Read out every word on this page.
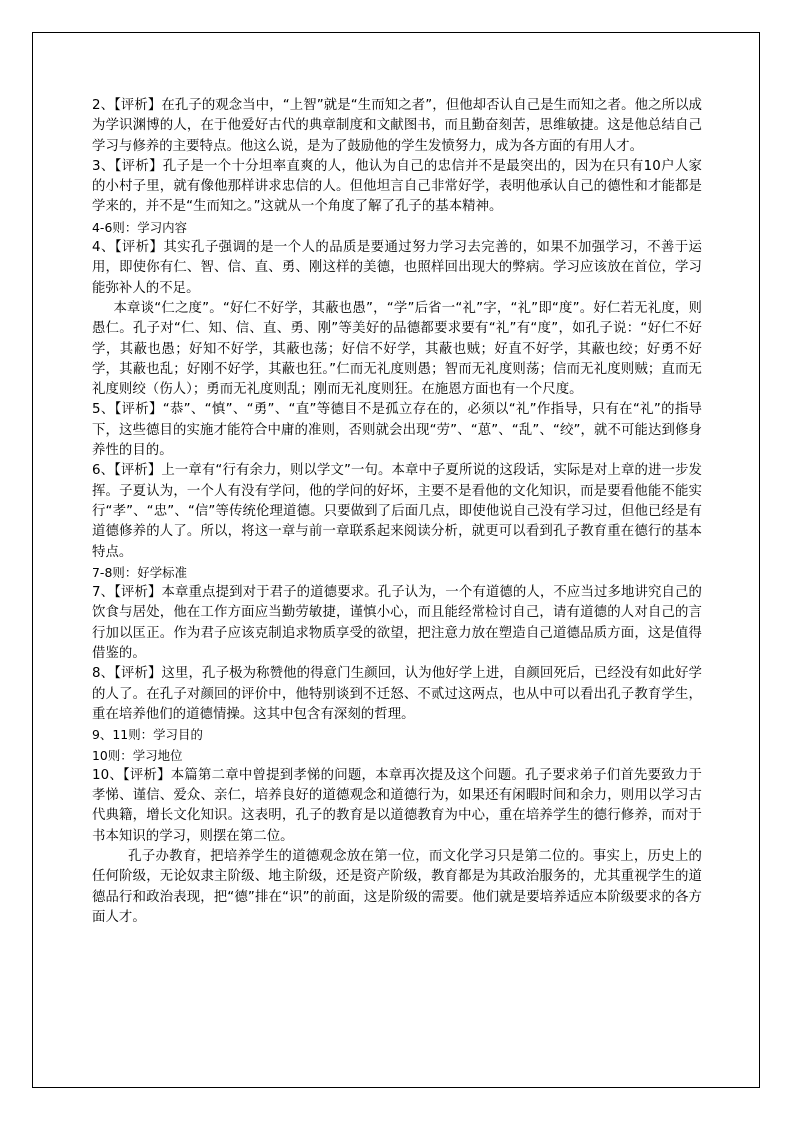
2、【评析】在孔子的观念当中，“上智”就是“生而知之者”，但他却否认自己是生而知之者。他之所以成为学识渊博的人，在于他爱好古代的典章制度和文献图书，而且勤奋刻苦，思维敏捷。这是他总结自己学习与修养的主要特点。他这么说，是为了鼓励他的学生发愤努力，成为各方面的有用人才。

3、【评析】孔子是一个十分坦率直爽的人，他认为自己的忠信并不是最突出的，因为在只有10户人家的小村子里，就有像他那样讲求忠信的人。但他坦言自己非常好学，表明他承认自己的德性和才能都是学来的，并不是“生而知之。”这就从一个角度了解了孔子的基本精神。

4-6则：学习内容

4、【评析】其实孔子强调的是一个人的品质是要通过努力学习去完善的，如果不加强学习，不善于运用，即使你有仁、智、信、直、勇、刚这样的美德，也照样回出现大的弊病。学习应该放在首位，学习能弥补人的不足。

本章谈“仁之度”。“好仁不好学，其蔽也愚”，“学”后省一“礼”字，“礼”即“度”。好仁若无礼度，则愚仁。孔子对“仁、知、信、直、勇、刚”等美好的品德都要求要有“礼”有“度”，如孔子说：“好仁不好学，其蔽也愚；好知不好学，其蔽也荡；好信不好学，其蔽也贼；好直不好学，其蔽也绞；好勇不好学，其蔽也乱；好刚不好学，其蔽也狂。”仁而无礼度则愚；智而无礼度则荡；信而无礼度则贼；直而无礼度则绞（伤人）；勇而无礼度则乱；刚而无礼度则狂。在施恩方面也有一个尺度。

5、【评析】“恭”、“慎”、“勇”、“直”等德目不是孤立存在的，必须以“礼”作指导，只有在“礼”的指导下，这些德目的实施才能符合中庸的准则，否则就会出现“劳”、“葸”、“乱”、“绞”，就不可能达到修身养性的目的。

6、【评析】上一章有“行有余力，则以学文”一句。本章中子夏所说的这段话，实际是对上章的进一步发挥。子夏认为，一个人有没有学问，他的学问的好坏，主要不是看他的文化知识，而是要看他能不能实行“孝”、“忠”、“信”等传统伦理道德。只要做到了后面几点，即使他说自己没有学习过，但他已经是有道德修养的人了。所以，将这一章与前一章联系起来阅读分析，就更可以看到孔子教育重在德行的基本特点。

7-8则：好学标准

7、【评析】本章重点提到对于君子的道德要求。孔子认为，一个有道德的人，不应当过多地讲究自己的饮食与居处，他在工作方面应当勤劳敏捷，谨慎小心，而且能经常检讨自己，请有道德的人对自己的言行加以匡正。作为君子应该克制追求物质享受的欲望，把注意力放在塑造自己道德品质方面，这是值得借鉴的。

8、【评析】这里，孔子极为称赞他的得意门生颜回，认为他好学上进，自颜回死后，已经没有如此好学的人了。在孔子对颜回的评价中，他特别谈到不迁怒、不贰过这两点，也从中可以看出孔子教育学生，重在培养他们的道德情操。这其中包含有深刻的哲理。

9、11则：学习目的

10则：学习地位

10、【评析】本篇第二章中曾提到孝悌的问题，本章再次提及这个问题。孔子要求弟子们首先要致力于孝悌、谨信、爱众、亲仁，培养良好的道德观念和道德行为，如果还有闲暇时间和余力，则用以学习古代典籍，增长文化知识。这表明，孔子的教育是以道德教育为中心，重在培养学生的德行修养，而对于书本知识的学习，则摆在第二位。

孔子办教育，把培养学生的道德观念放在第一位，而文化学习只是第二位的。事实上，历史上的任何阶级，无论奴隶主阶级、地主阶级，还是资产阶级，教育都是为其政治服务的，尤其重视学生的道德品行和政治表现，把“德”排在“识”的前面，这是阶级的需要。他们就是要培养适应本阶级要求的各方面人才。
